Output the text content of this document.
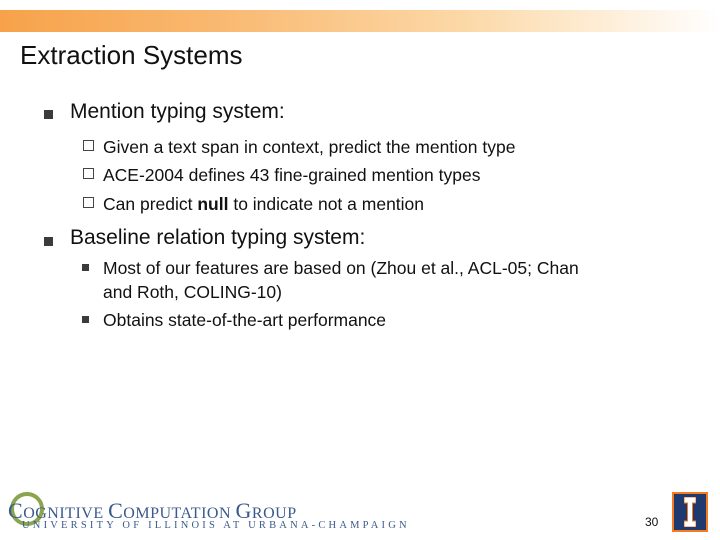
Extraction Systems
Mention typing system:
Given a text span in context, predict the mention type
ACE-2004 defines 43 fine-grained mention types
Can predict null to indicate not a mention
Baseline relation typing system:
Most of our features are based on (Zhou et al., ACL-05; Chan
and Roth, COLING-10)
Obtains state-of-the-art performance
COGNITIVE COMPUTATION GROUP
UNIVERSITY OF ILLINOIS AT URBANA-CHAMPAIGN	30
